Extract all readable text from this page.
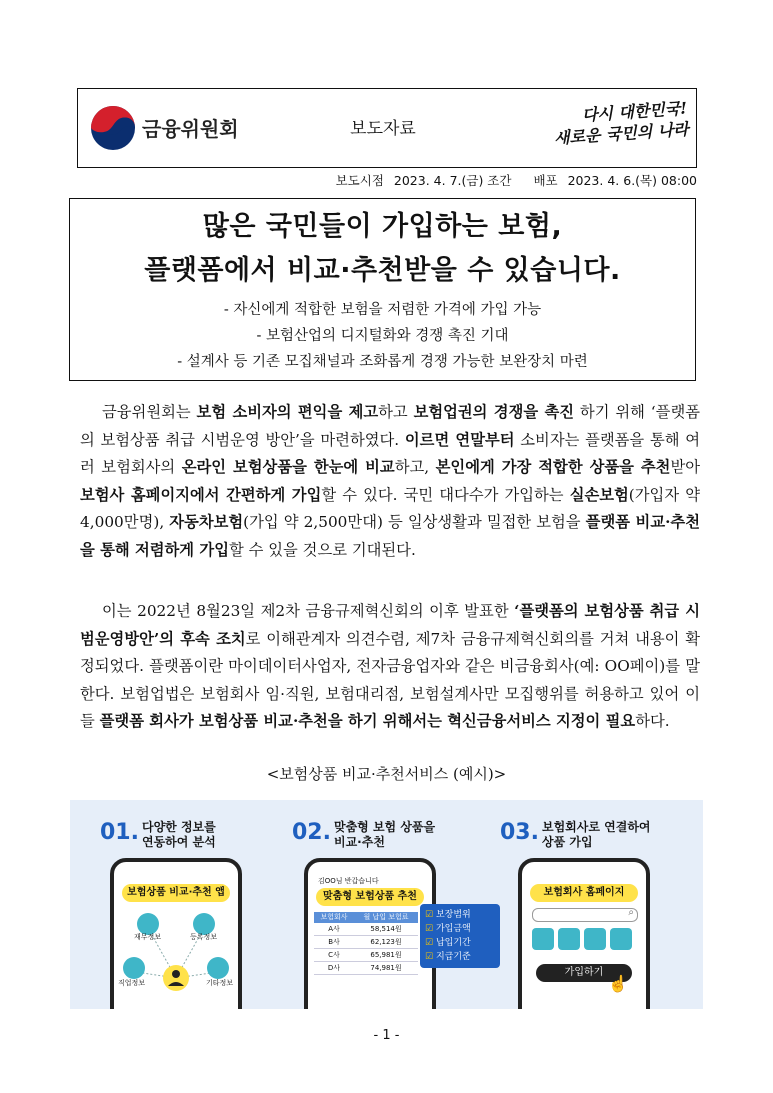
금융위원회	보도자료
다시 대한민국!
새로운 국민의 나라
보도시점 2023. 4. 7.(금) 조간 배포 2023. 4. 6.(목) 08:00
많은 국민들이 가입하는 보험,
플랫폼에서 비교·추천받을 수 있습니다.
- 자신에게 적합한 보험을 저렴한 가격에 가입 가능
- 보험산업의 디지털화와 경쟁 촉진 기대
- 설계사 등 기존 모집채널과 조화롭게 경쟁 가능한 보완장치 마련
금융위원회는 보험 소비자의 편익을 제고하고 보험업권의 경쟁을 촉진 하기 위해 ‘플랫폼의 보험상품 취급 시범운영 방안’을 마련하였다. 이르면 연말부터 소비자는 플랫폼을 통해 여러 보험회사의 온라인 보험상품을 한눈에 비교하고, 본인에게 가장 적합한 상품을 추천받아 보험사 홈페이지에서 간편하게 가입할 수 있다. 국민 대다수가 가입하는 실손보험(가입자 약 4,000만명), 자동차보험(가입 약 2,500만대) 등 일상생활과 밀접한 보험을 플랫폼 비교·추천을 통해 저렴하게 가입할 수 있을 것으로 기대된다.
이는 2022년 8월23일 제2차 금융규제혁신회의 이후 발표한 ‘플랫폼의 보험상품 취급 시범운영방안’의 후속 조치로 이해관계자 의견수렴, 제7차 금융규제혁신회의를 거쳐 내용이 확정되었다. 플랫폼이란 마이데이터사업자, 전자금융업자와 같은 비금융회사(예: OO페이)를 말한다. 보험업법은 보험회사 임·직원, 보험대리점, 보험설계사만 모집행위를 허용하고 있어 이들 플랫폼 회사가 보험상품 비교·추천을 하기 위해서는 혁신금융서비스 지정이 필요하다.
<보험상품 비교·추천서비스 (예시)>
01. 다양한 정보를
연동하여 분석
보험상품 비교·추천 앱
재무정보	등록정보
직업정보	기타정보
02. 맞춤형 보험 상품을
비교·추천
김OO님 반갑습니다
맞춤형 보험상품 추천
보험회사	월 납입 보험료
A사	58,514원
B사	62,123원
C사	65,981원
D사	74,981원
☑ 보장범위
☑ 가입금액
☑ 납입기간
☑ 지급기준
03. 보험회사로 연결하여
상품 가입
보험회사 홈페이지
⌕
가입하기
☝
- 1 -
